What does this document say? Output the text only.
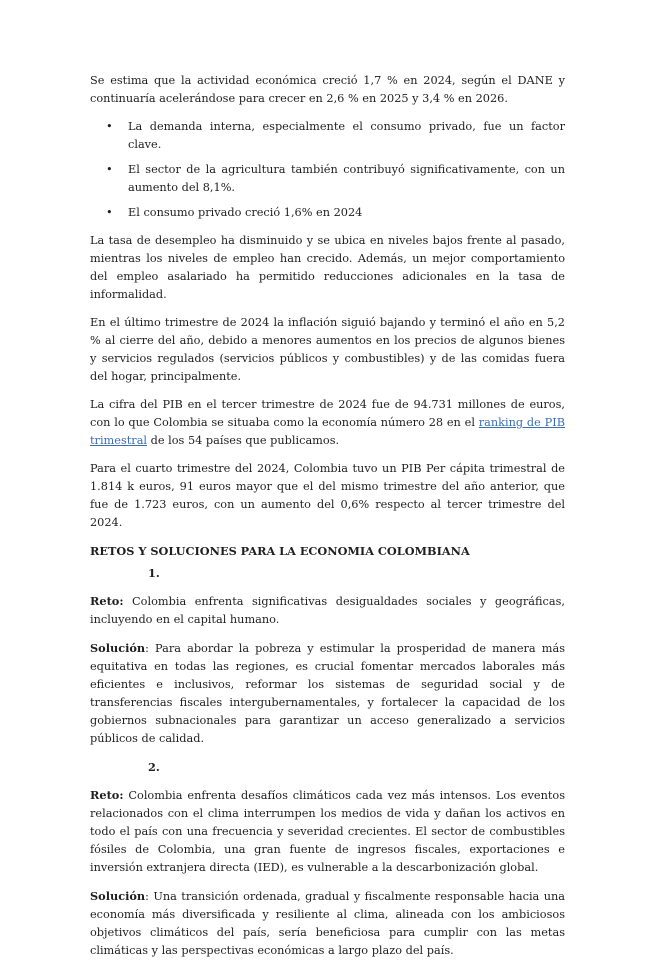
Se estima que la actividad económica creció 1,7 % en 2024, según el DANE y continuaría acelerándose para crecer en 2,6 % en 2025 y 3,4 % en 2026.

• La demanda interna, especialmente el consumo privado, fue un factor clave.
• El sector de la agricultura también contribuyó significativamente, con un aumento del 8,1%.
• El consumo privado creció 1,6% en 2024

La tasa de desempleo ha disminuido y se ubica en niveles bajos frente al pasado, mientras los niveles de empleo han crecido. Además, un mejor comportamiento del empleo asalariado ha permitido reducciones adicionales en la tasa de informalidad.

En el último trimestre de 2024 la inflación siguió bajando y terminó el año en 5,2 % al cierre del año, debido a menores aumentos en los precios de algunos bienes y servicios regulados (servicios públicos y combustibles) y de las comidas fuera del hogar, principalmente.

La cifra del PIB en el tercer trimestre de 2024 fue de 94.731 millones de euros, con lo que Colombia se situaba como la economía número 28 en el ranking de PIB trimestral de los 54 países que publicamos.

Para el cuarto trimestre del 2024, Colombia tuvo un PIB Per cápita trimestral de 1.814 k euros, 91 euros mayor que el del mismo trimestre del año anterior, que fue de 1.723 euros, con un aumento del 0,6% respecto al tercer trimestre del 2024.

RETOS Y SOLUCIONES PARA LA ECONOMIA COLOMBIANA
1.

Reto: Colombia enfrenta significativas desigualdades sociales y geográficas, incluyendo en el capital humano.

Solución: Para abordar la pobreza y estimular la prosperidad de manera más equitativa en todas las regiones, es crucial fomentar mercados laborales más eficientes e inclusivos, reformar los sistemas de seguridad social y de transferencias fiscales intergubernamentales, y fortalecer la capacidad de los gobiernos subnacionales para garantizar un acceso generalizado a servicios públicos de calidad.

2.

Reto: Colombia enfrenta desafíos climáticos cada vez más intensos. Los eventos relacionados con el clima interrumpen los medios de vida y dañan los activos en todo el país con una frecuencia y severidad crecientes. El sector de combustibles fósiles de Colombia, una gran fuente de ingresos fiscales, exportaciones e inversión extranjera directa (IED), es vulnerable a la descarbonización global.

Solución: Una transición ordenada, gradual y fiscalmente responsable hacia una economía más diversificada y resiliente al clima, alineada con los ambiciosos objetivos climáticos del país, sería beneficiosa para cumplir con las metas climáticas y las perspectivas económicas a largo plazo del país.
